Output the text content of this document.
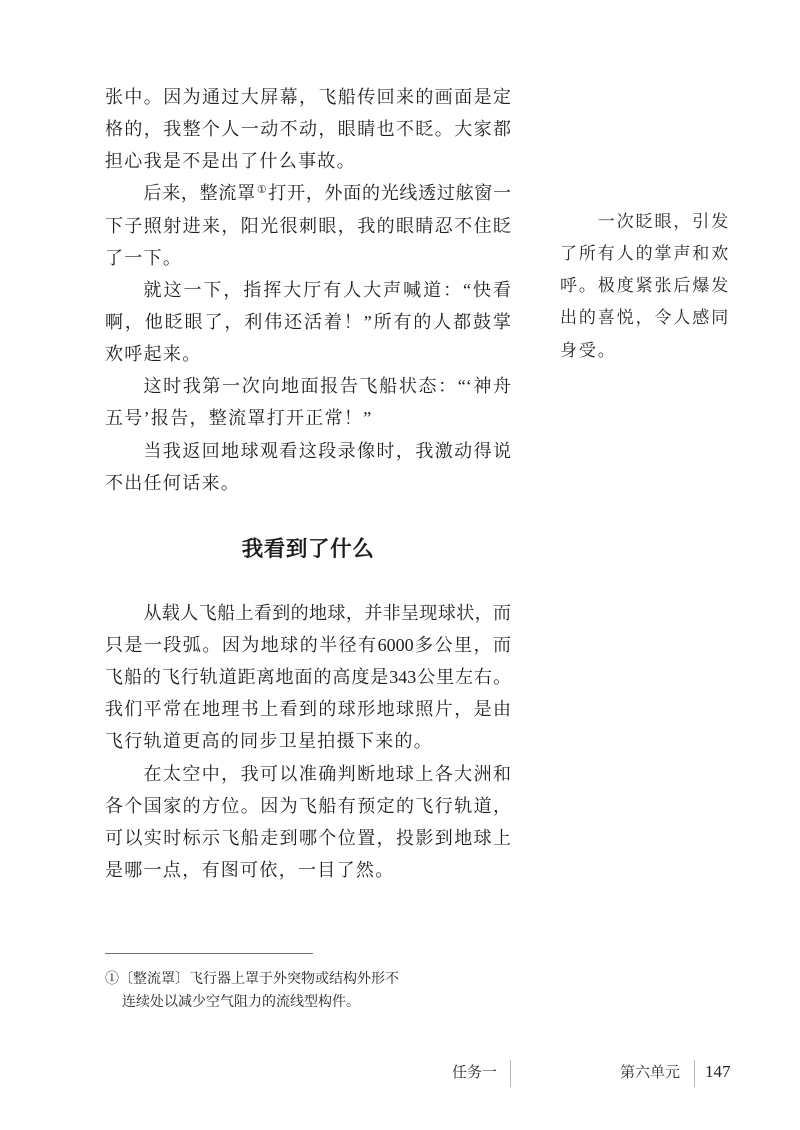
张中。因为通过大屏幕，飞船传回来的画面是定
格的，我整个人一动不动，眼睛也不眨。大家都
担心我是不是出了什么事故。
后来，整流罩①打开，外面的光线透过舷窗一
下子照射进来，阳光很刺眼，我的眼睛忍不住眨
了一下。
就这一下，指挥大厅有人大声喊道：“快看
啊，他眨眼了，利伟还活着！”所有的人都鼓掌
欢呼起来。
这时我第一次向地面报告飞船状态：“‘神舟
五号’报告，整流罩打开正常！”
当我返回地球观看这段录像时，我激动得说
不出任何话来。
我看到了什么
从载人飞船上看到的地球，并非呈现球状，而
只是一段弧。因为地球的半径有6000多公里，而
飞船的飞行轨道距离地面的高度是343公里左右。
我们平常在地理书上看到的球形地球照片，是由
飞行轨道更高的同步卫星拍摄下来的。
在太空中，我可以准确判断地球上各大洲和
各个国家的方位。因为飞船有预定的飞行轨道，
可以实时标示飞船走到哪个位置，投影到地球上
是哪一点，有图可依，一目了然。
一次眨眼，引发
了所有人的掌声和欢
呼。极度紧张后爆发
出的喜悦，令人感同
身受。
①〔整流罩〕飞行器上罩于外突物或结构外形不
连续处以减少空气阻力的流线型构件。
任务一	第六单元 147
